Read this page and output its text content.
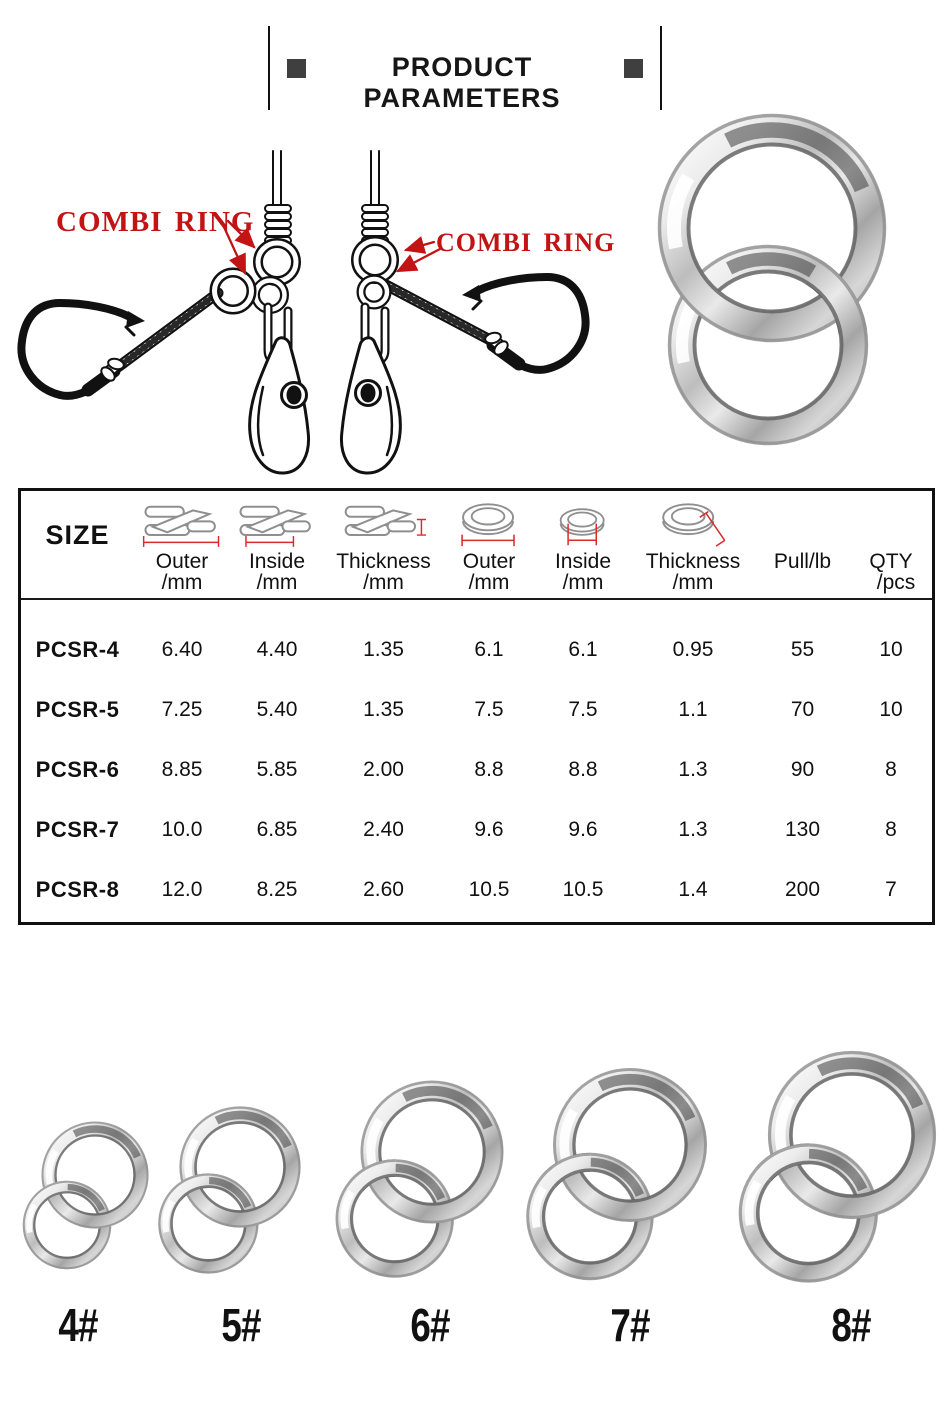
PRODUCT PARAMETERS
COMBI RING
COMBI RING
SIZE
Outer
/mm
Inside
/mm
Thickness
/mm
Outer
/mm
Inside
/mm
Thickness
/mm
Pull/lb QTY
/pcs
PCSR-4	6.40	4.40	1.35	6.1	6.1	0.95	55	10
PCSR-5	7.25	5.40	1.35	7.5	7.5	1.1	70	10
PCSR-6	8.85	5.85	2.00	8.8	8.8	1.3	90	8
PCSR-7	10.0	6.85	2.40	9.6	9.6	1.3	130	8
PCSR-8	12.0	8.25	2.60	10.5	10.5	1.4	200	7
4#	5#	6#	7#	8#
